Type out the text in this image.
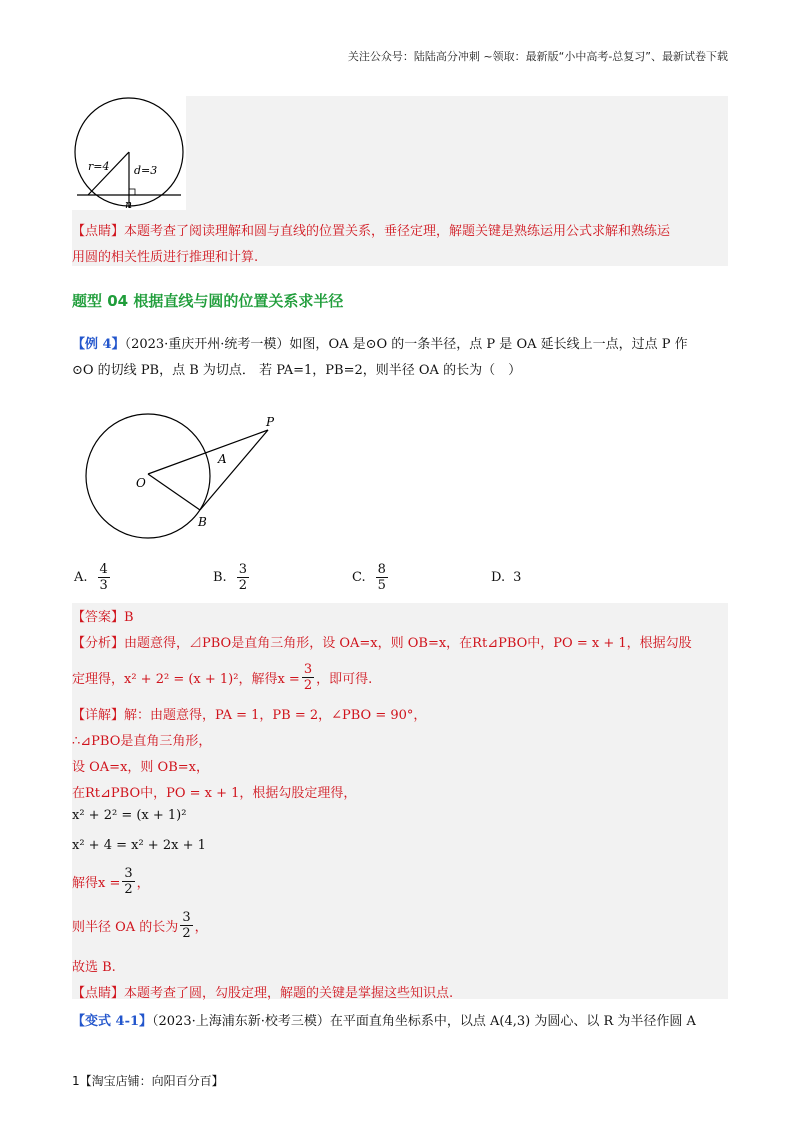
关注公众号：陆陆高分冲刺 ~领取：最新版“小中高考-总复习”、最新试卷下载
r=4 d=3
n
【点睛】本题考查了阅读理解和圆与直线的位置关系，垂径定理，解题关键是熟练运用公式求解和熟练运
用圆的相关性质进行推理和计算.
题型 04 根据直线与圆的位置关系求半径
【例 4】（2023·重庆开州·统考一模）如图，OA 是⊙O 的一条半径，点 P 是 OA 延长线上一点，过点 P 作
⊙O 的切线 PB，点 B 为切点． 若 PA=1，PB=2，则半径 OA 的长为（　）
P
A
O
B
A. $\frac{4}{3}$	B. $\frac{3}{2}$	C. $\frac{8}{5}$	D. 3
【答案】B
【分析】由题意得，⊿PBO是直角三角形，设 OA=x，则 OB=x，在Rt⊿PBO中，PO = x + 1，根据勾股
定理得，x² + 2² = (x + 1)²，解得$x = \frac{3}{2}$ ，即可得.
【详解】解：由题意得，PA = 1，PB = 2，∠PBO = 90°，
∴⊿PBO是直角三角形，
设 OA=x，则 OB=x，
在Rt⊿PBO中，PO = x + 1，根据勾股定理得，
x² + 2² = (x + 1)²
x² + 4 = x² + 2x + 1
解得$x = \frac{3}{2}$ ，
则半径 OA 的长为 $\frac{3}{2}$ ，
故选 B.
【点睛】本题考查了圆，勾股定理，解题的关键是掌握这些知识点.
【变式 4-1】（2023·上海浦东新·校考三模）在平面直角坐标系中，以点 A(4,3) 为圆心、以 R 为半径作圆 A
1【淘宝店铺：向阳百分百】
